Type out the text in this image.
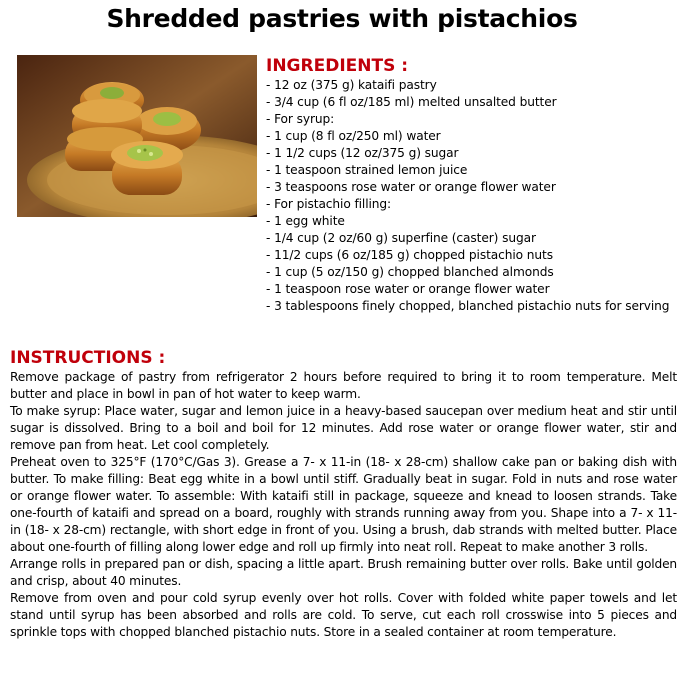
Shredded pastries with pistachios
INGREDIENTS :
- 12 oz (375 g) kataifi pastry
- 3/4 cup (6 fl oz/185 ml) melted unsalted butter
- For syrup:
- 1 cup (8 fl oz/250 ml) water
- 1 1/2 cups (12 oz/375 g) sugar
- 1 teaspoon strained lemon juice
- 3 teaspoons rose water or orange flower water
- For pistachio filling:
- 1 egg white
- 1/4 cup (2 oz/60 g) superfine (caster) sugar
- 11/2 cups (6 oz/185 g) chopped pistachio nuts
- 1 cup (5 oz/150 g) chopped blanched almonds
- 1 teaspoon rose water or orange flower water
- 3 tablespoons finely chopped, blanched pistachio nuts for serving
INSTRUCTIONS :

Remove package of pastry from refrigerator 2 hours before required to bring it to room temperature. Melt butter and place in bowl in pan of hot water to keep warm.

To make syrup: Place water, sugar and lemon juice in a heavy-based saucepan over medium heat and stir until sugar is dissolved. Bring to a boil and boil for 12 minutes. Add rose water or orange flower water, stir and remove pan from heat. Let cool completely.

Preheat oven to 325°F (170°C/Gas 3). Grease a 7- x 11-in (18- x 28-cm) shallow cake pan or baking dish with butter. To make filling: Beat egg white in a bowl until stiff. Gradually beat in sugar. Fold in nuts and rose water or orange flower water. To assemble: With kataifi still in package, squeeze and knead to loosen strands. Take one-fourth of kataifi and spread on a board, roughly with strands running away from you. Shape into a 7- x 11-in (18- x 28-cm) rectangle, with short edge in front of you. Using a brush, dab strands with melted butter. Place about one-fourth of filling along lower edge and roll up firmly into neat roll. Repeat to make another 3 rolls.

Arrange rolls in prepared pan or dish, spacing a little apart. Brush remaining butter over rolls. Bake until golden and crisp, about 40 minutes.

Remove from oven and pour cold syrup evenly over hot rolls. Cover with folded white paper towels and let stand until syrup has been absorbed and rolls are cold. To serve, cut each roll crosswise into 5 pieces and sprinkle tops with chopped blanched pistachio nuts. Store in a sealed container at room temperature.
